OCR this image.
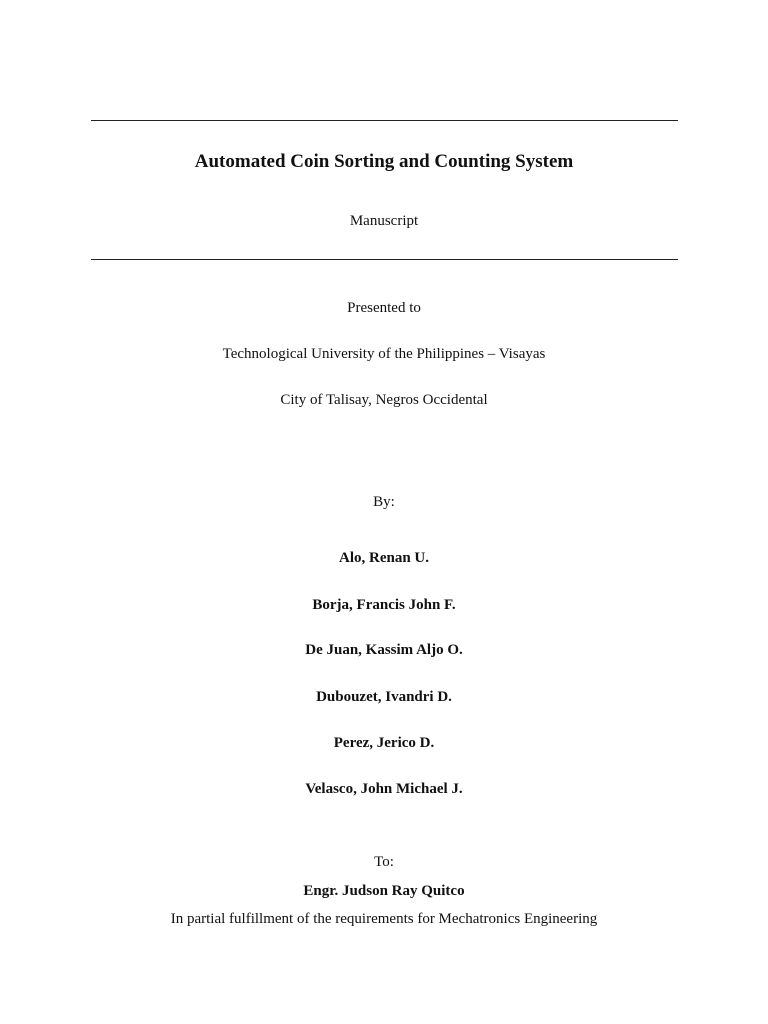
Automated Coin Sorting and Counting System
Manuscript
Presented to
Technological University of the Philippines – Visayas
City of Talisay, Negros Occidental
By:
Alo, Renan U.
Borja, Francis John F.
De Juan, Kassim Aljo O.
Dubouzet, Ivandri D.
Perez, Jerico D.
Velasco, John Michael J.
To:
Engr. Judson Ray Quitco
In partial fulfillment of the requirements for Mechatronics Engineering
